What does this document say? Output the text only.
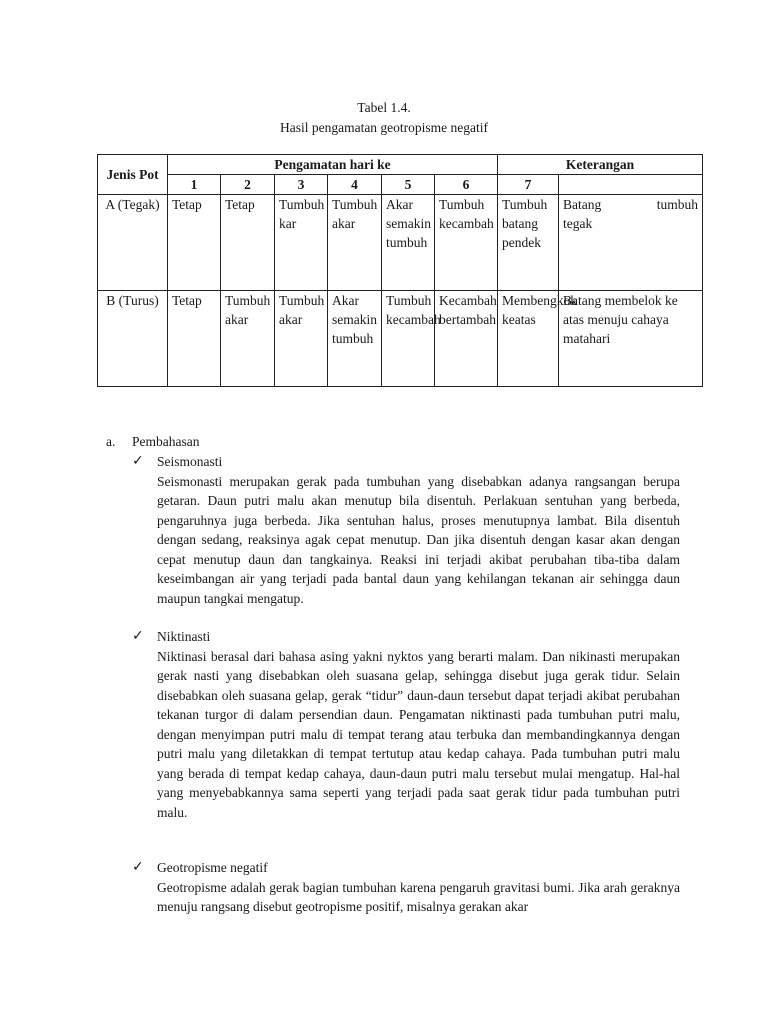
Tabel 1.4.
Hasil pengamatan geotropisme negatif
Jenis Pot	Pengamatan hari ke						Keterangan	
	1	2	3	4	5	6	7	
A (Tegak)	Tetap	Tetap	Tumbuh kar	Tumbuh akar	Akar semakin tumbuh	Tumbuh kecambah	Tumbuh batang pendek	Batang tumbuh
tegak

B (Turus)	Tetap	Tumbuh akar	Tumbuh akar	Akar semakin tumbuh	Tumbuh kecambah	Kecambah bertambah	Membengkok keatas	Batang membelok ke atas menuju cahaya matahari
a. Pembahasan
✓ Seismonasti
Seismonasti merupakan gerak pada tumbuhan yang disebabkan adanya rangsangan berupa getaran. Daun putri malu akan menutup bila disentuh. Perlakuan sentuhan yang berbeda, pengaruhnya juga berbeda. Jika sentuhan halus, proses menutupnya lambat. Bila disentuh dengan sedang, reaksinya agak cepat menutup. Dan jika disentuh dengan kasar akan dengan cepat menutup daun dan tangkainya. Reaksi ini terjadi akibat perubahan tiba-tiba dalam keseimbangan air yang terjadi pada bantal daun yang kehilangan tekanan air sehingga daun maupun tangkai mengatup.
✓ Niktinasti
Niktinasi berasal dari bahasa asing yakni nyktos yang berarti malam. Dan nikinasti merupakan gerak nasti yang disebabkan oleh suasana gelap, sehingga disebut juga gerak tidur. Selain disebabkan oleh suasana gelap, gerak “tidur” daun-daun tersebut dapat terjadi akibat perubahan tekanan turgor di dalam persendian daun. Pengamatan niktinasti pada tumbuhan putri malu, dengan menyimpan putri malu di tempat terang atau terbuka dan membandingkannya dengan putri malu yang diletakkan di tempat tertutup atau kedap cahaya. Pada tumbuhan putri malu yang berada di tempat kedap cahaya, daun-daun putri malu tersebut mulai mengatup. Hal-hal yang menyebabkannya sama seperti yang terjadi pada saat gerak tidur pada tumbuhan putri malu.
✓ Geotropisme negatif
Geotropisme adalah gerak bagian tumbuhan karena pengaruh gravitasi bumi. Jika arah geraknya menuju rangsang disebut geotropisme positif, misalnya gerakan akar
